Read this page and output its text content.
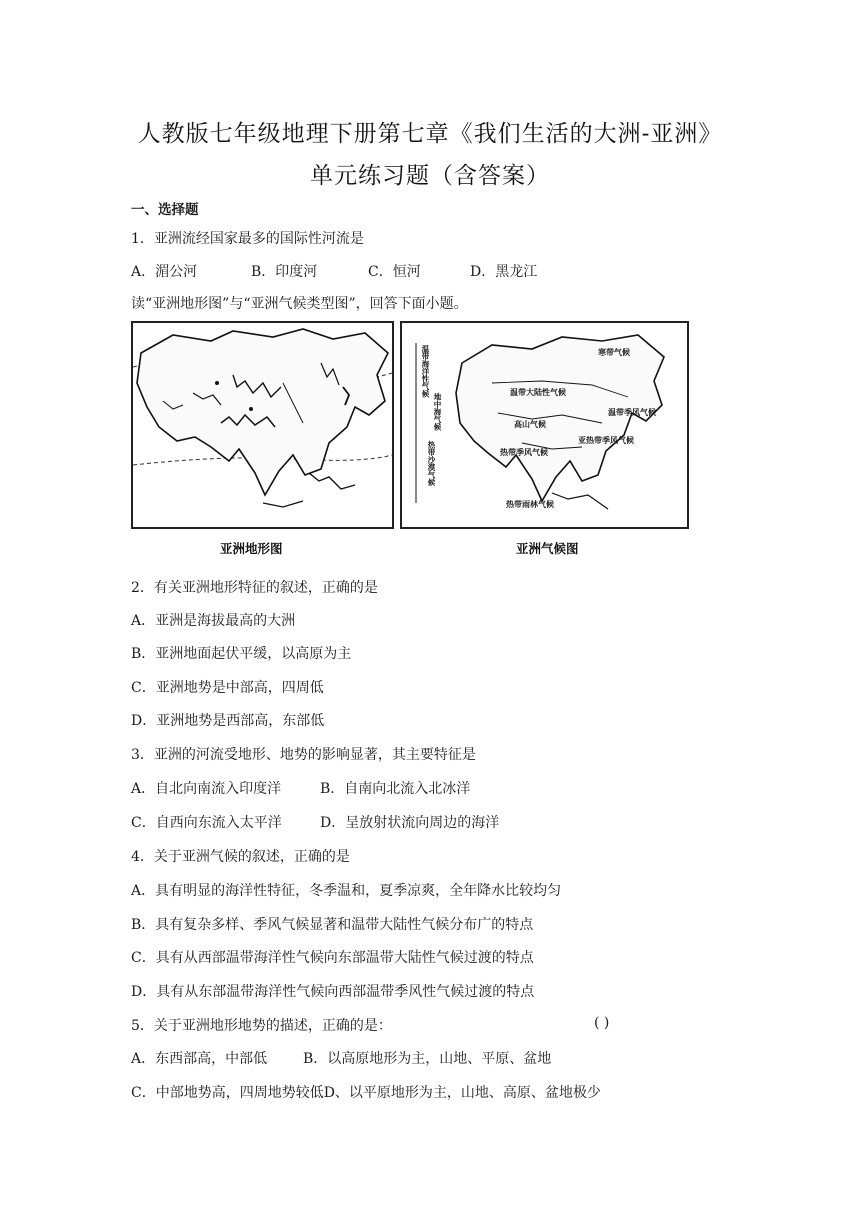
人教版七年级地理下册第七章《我们生活的大洲-亚洲》
单元练习题（含答案）
一、选择题
1．亚洲流经国家最多的国际性河流是
A．湄公河	B．印度河	C．恒河	D．黑龙江
读“亚洲地形图”与“亚洲气候类型图”，回答下面小题。
亚洲地形图
寒带气候
温带大陆性气候
温带季风气候
高山气候
亚热带季风气候
热带季风气候
热带雨林气候
温带海洋性气候
地中海气候
热带沙漠气候
亚洲气候图
2．有关亚洲地形特征的叙述，正确的是
A．亚洲是海拔最高的大洲
B．亚洲地面起伏平缓，以高原为主
C．亚洲地势是中部高，四周低
D．亚洲地势是西部高，东部低
3．亚洲的河流受地形、地势的影响显著，其主要特征是
A．自北向南流入印度洋	B．自南向北流入北冰洋
C．自西向东流入太平洋	D．呈放射状流向周边的海洋
4．关于亚洲气候的叙述，正确的是
A．具有明显的海洋性特征，冬季温和，夏季凉爽，全年降水比较均匀
B．具有复杂多样、季风气候显著和温带大陆性气候分布广的特点
C．具有从西部温带海洋性气候向东部温带大陆性气候过渡的特点
D．具有从东部温带海洋性气候向西部温带季风性气候过渡的特点
5．关于亚洲地形地势的描述，正确的是：	( )
A．东西部高，中部低	B．以高原地形为主，山地、平原、盆地
C．中部地势高，四周地势较低D、以平原地形为主，山地、高原、盆地极少
